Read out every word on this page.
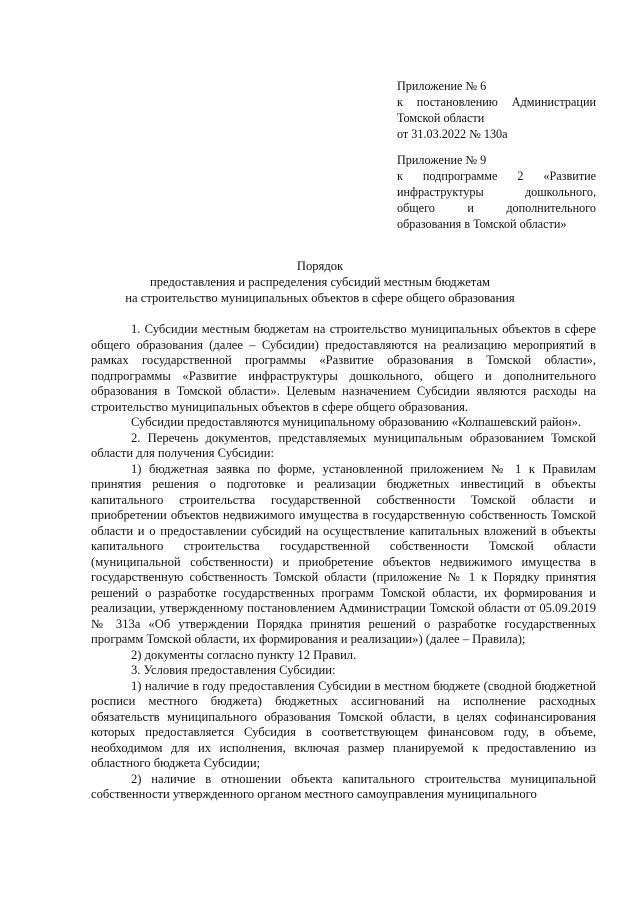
Приложение № 6

к постановлению Администрации

Томской области

от 31.03.2022 № 130а

Приложение № 9

к подпрограмме 2 «Развитие инфраструктуры дошкольного, общего и дополнительного образования в Томской области»

Порядок
предоставления и распределения субсидий местным бюджетам
на строительство муниципальных объектов в сфере общего образования

1. Субсидии местным бюджетам на строительство муниципальных объектов в сфере общего образования (далее – Субсидии) предоставляются на реализацию мероприятий в рамках государственной программы «Развитие образования в Томской области», подпрограммы «Развитие инфраструктуры дошкольного, общего и дополнительного образования в Томской области». Целевым назначением Субсидии являются расходы на строительство муниципальных объектов в сфере общего образования.

Субсидии предоставляются муниципальному образованию «Колпашевский район».

2. Перечень документов, представляемых муниципальным образованием Томской области для получения Субсидии:

1) бюджетная заявка по форме, установленной приложением № 1 к Правилам принятия решения о подготовке и реализации бюджетных инвестиций в объекты капитального строительства государственной собственности Томской области и приобретении объектов недвижимого имущества в государственную собственность Томской области и о предоставлении субсидий на осуществление капитальных вложений в объекты капитального строительства государственной собственности Томской области (муниципальной собственности) и приобретение объектов недвижимого имущества в государственную собственность Томской области (приложение № 1 к Порядку принятия решений о разработке государственных программ Томской области, их формирования и реализации, утвержденному постановлением Администрации Томской области от 05.09.2019 № 313а «Об утверждении Порядка принятия решений о разработке государственных программ Томской области, их формирования и реализации») (далее – Правила);

2) документы согласно пункту 12 Правил.

3. Условия предоставления Субсидии:

1) наличие в году предоставления Субсидии в местном бюджете (сводной бюджетной росписи местного бюджета) бюджетных ассигнований на исполнение расходных обязательств муниципального образования Томской области, в целях софинансирования которых предоставляется Субсидия в соответствующем финансовом году, в объеме, необходимом для их исполнения, включая размер планируемой к предоставлению из областного бюджета Субсидии;

2) наличие в отношении объекта капитального строительства муниципальной собственности утвержденного органом местного самоуправления муниципального
